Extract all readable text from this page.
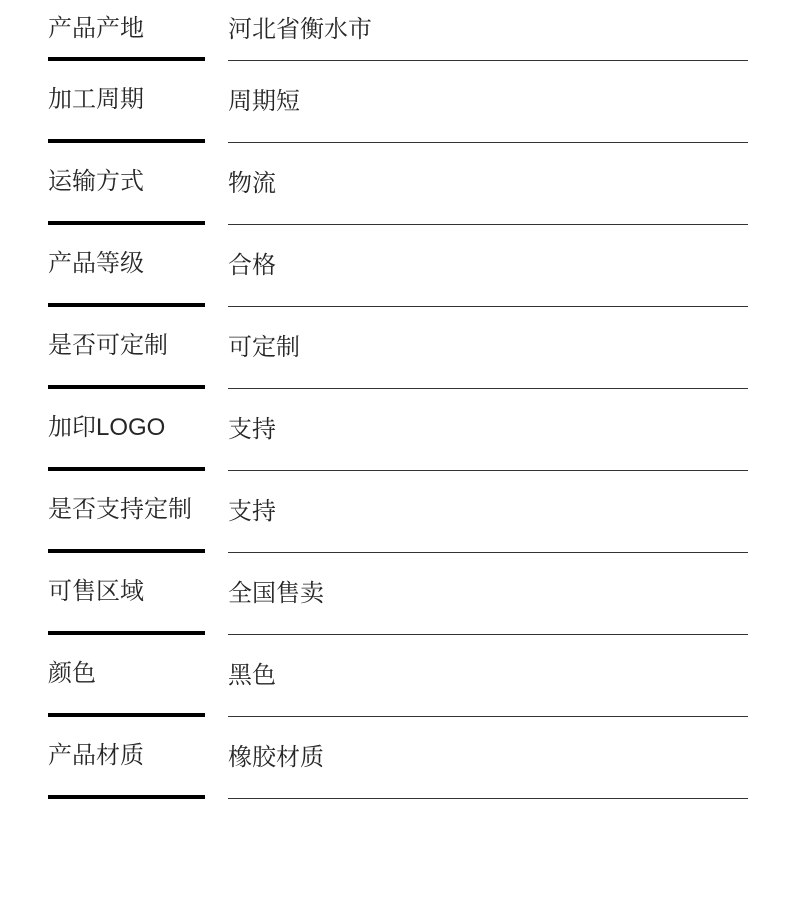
产品产地	河北省衡水市
加工周期	周期短
运输方式	物流
产品等级	合格
是否可定制	可定制
加印LOGO	支持
是否支持定制	支持
可售区域	全国售卖
颜色	黑色
产品材质	橡胶材质
